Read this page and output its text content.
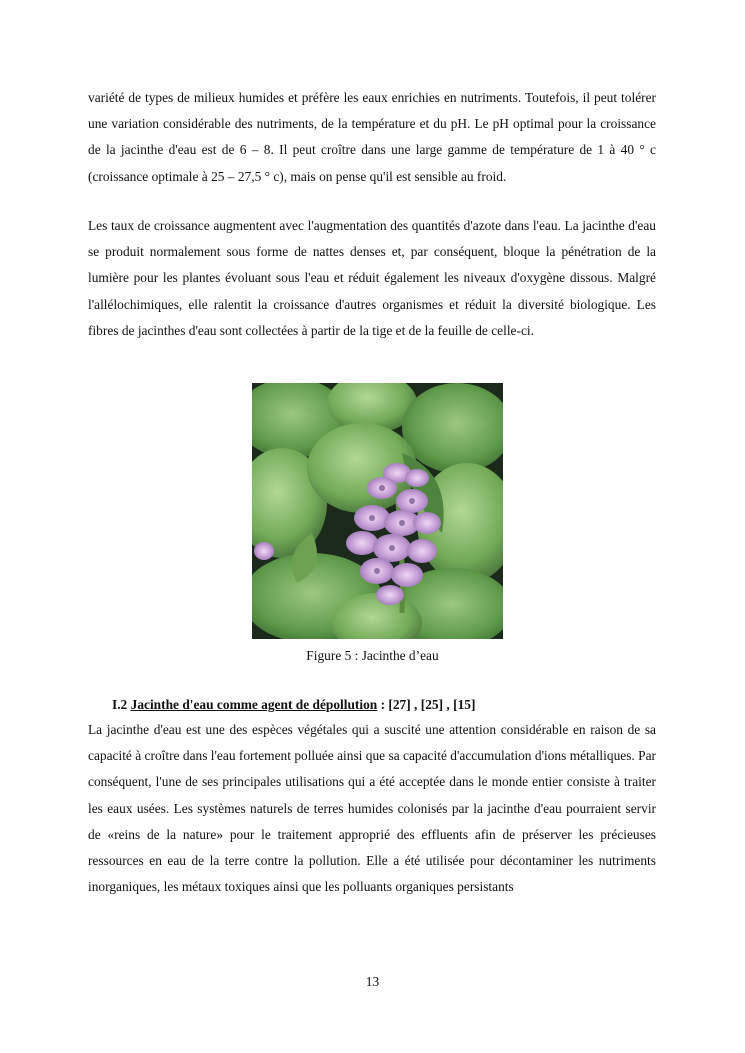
variété de types de milieux humides et préfère les eaux enrichies en nutriments. Toutefois, il peut tolérer une variation considérable des nutriments, de la température et du pH. Le pH optimal pour la croissance de la jacinthe d'eau est de 6 – 8. Il peut croître dans une large gamme de température de 1 à 40 ° c (croissance optimale à 25 – 27,5 ° c), mais on pense qu'il est sensible au froid.

Les taux de croissance augmentent avec l'augmentation des quantités d'azote dans l'eau. La jacinthe d'eau se produit normalement sous forme de nattes denses et, par conséquent, bloque la pénétration de la lumière pour les plantes évoluant sous l'eau et réduit également les niveaux d'oxygène dissous. Malgré l'allélochimiques, elle ralentit la croissance d'autres organismes et réduit la diversité biologique. Les fibres de jacinthes d'eau sont collectées à partir de la tige et de la feuille de celle-ci.

Figure 5 : Jacinthe d’eau
I.2 Jacinthe d'eau comme agent de dépollution : [27] , [25] , [15]

La jacinthe d'eau est une des espèces végétales qui a suscité une attention considérable en raison de sa capacité à croître dans l'eau fortement polluée ainsi que sa capacité d'accumulation d'ions métalliques. Par conséquent, l'une de ses principales utilisations qui a été acceptée dans le monde entier consiste à traiter les eaux usées. Les systèmes naturels de terres humides colonisés par la jacinthe d'eau pourraient servir de «reins de la nature» pour le traitement approprié des effluents afin de préserver les précieuses ressources en eau de la terre contre la pollution. Elle a été utilisée pour décontaminer les nutriments inorganiques, les métaux toxiques ainsi que les polluants organiques persistants

13
